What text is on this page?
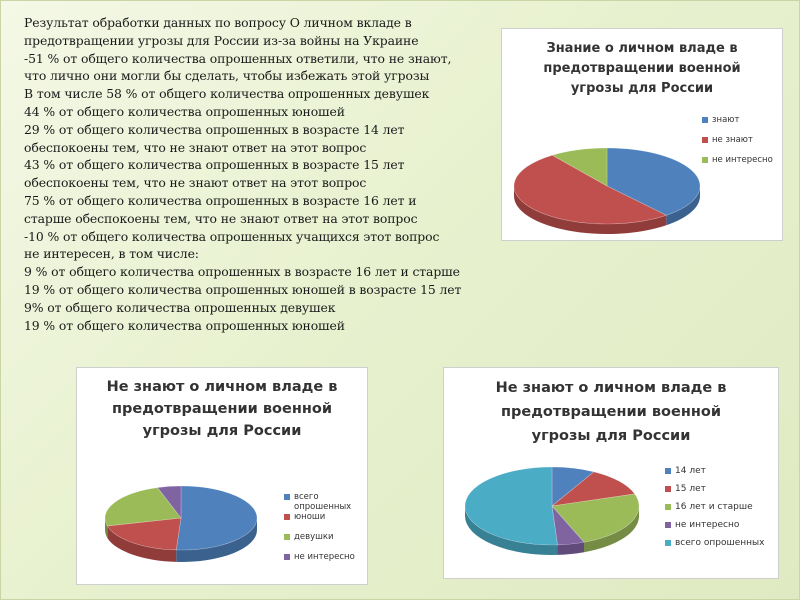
Результат обработки данных по вопросу О личном вкладе в
предотвращении угрозы для России из-за войны на Украине
-51 % от общего количества опрошенных ответили, что не знают,
что лично они могли бы сделать, чтобы избежать этой угрозы
В том числе 58 % от общего количества опрошенных девушек
44 % от общего количества опрошенных юношей
29 % от общего количества опрошенных в возрасте 14 лет
обеспокоены тем, что не знают ответ на этот вопрос
43 % от общего количества опрошенных в возрасте 15 лет
обеспокоены тем, что не знают ответ на этот вопрос
75 % от общего количества опрошенных в возрасте 16 лет и
старше обеспокоены тем, что не знают ответ на этот вопрос
-10 % от общего количества опрошенных учащихся этот вопрос
не интересен, в том числе:
9 % от общего количества опрошенных в возрасте 16 лет и старше
19 % от общего количества опрошенных юношей в возрасте 15 лет
9% от общего количества опрошенных девушек
19 % от общего количества опрошенных юношей
Знание о личном владе в
предотвращении военной
угрозы для России
знают
не знают
не интересно
Не знают о личном владе в
предотвращении военной
угрозы для России
всего опрошенных
юноши
девушки
не интересно
Не знают о личном владе в
предотвращении военной
угрозы для России
14 лет
15 лет
16 лет и старше
не интересно
всего опрошенных
